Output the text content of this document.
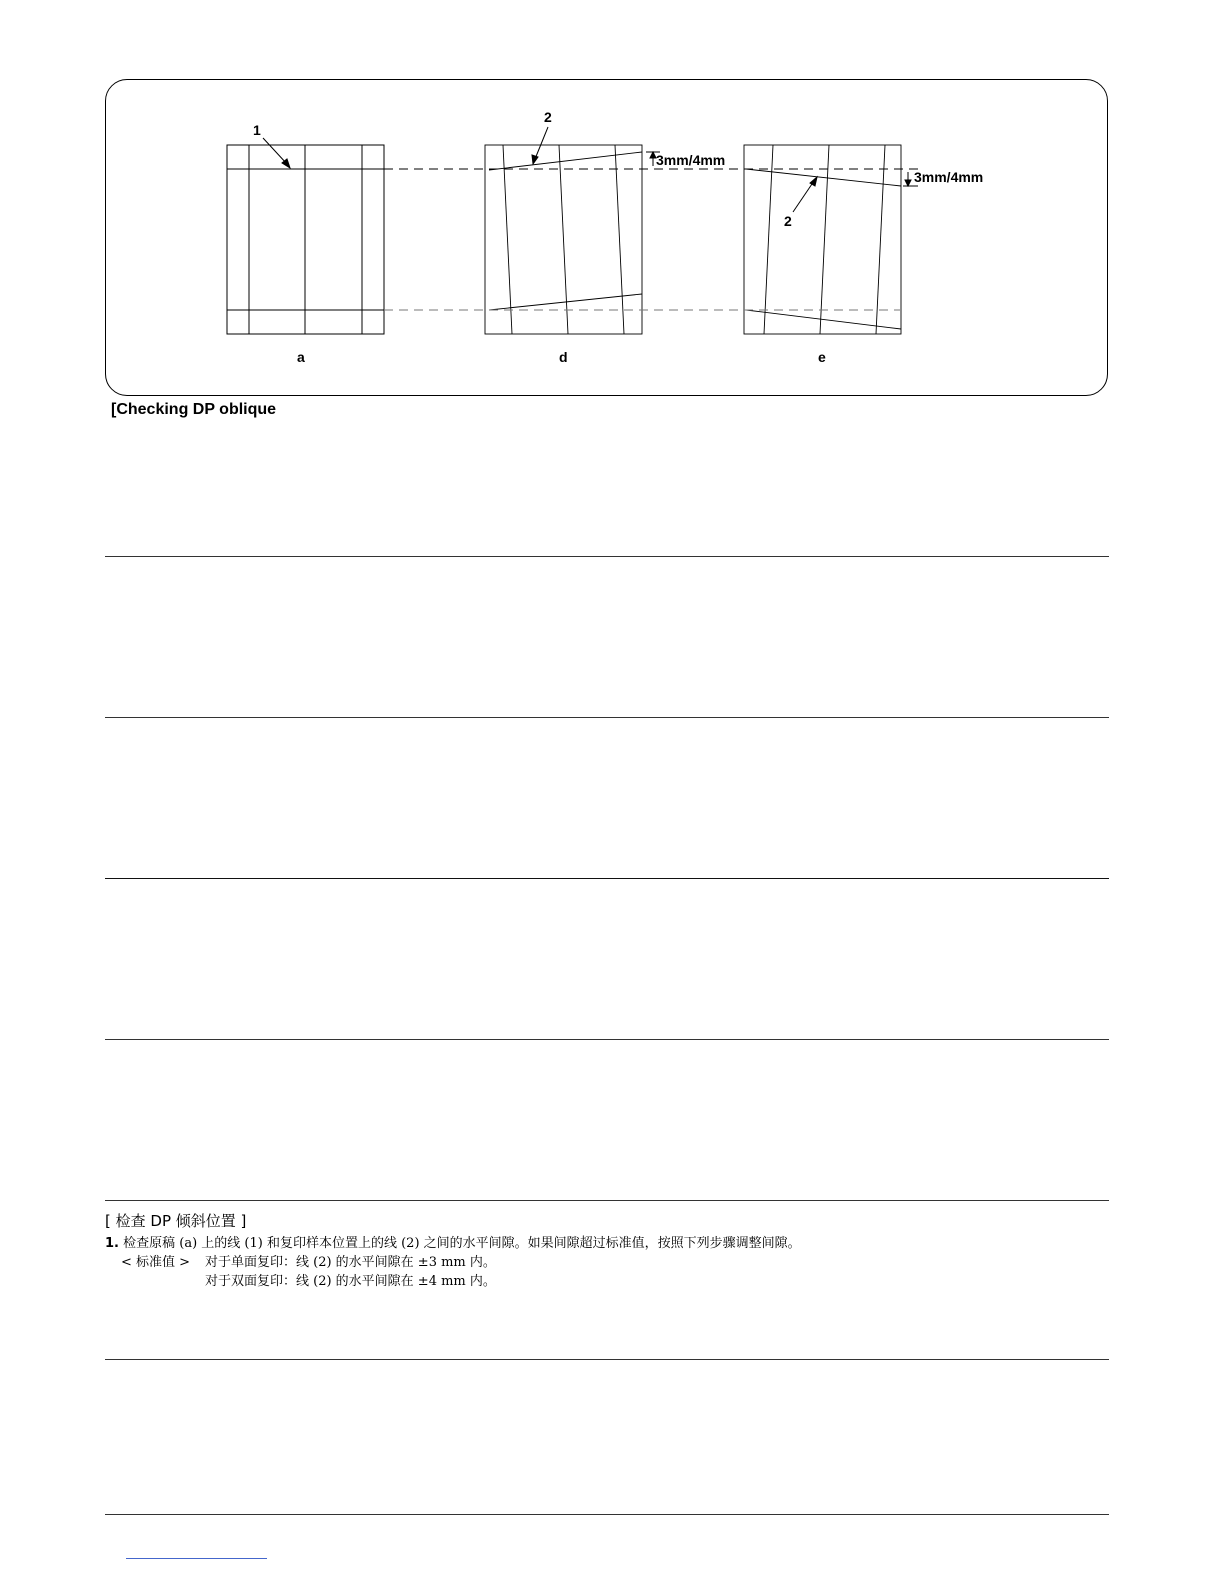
1
2
2
3mm/4mm
3mm/4mm
a	d	e
[Checking DP oblique
[ 检查 DP 倾斜位置 ]
1. 检查原稿 (a) 上的线 (1) 和复印样本位置上的线 (2) 之间的水平间隙。如果间隙超过标准值，按照下列步骤调整间隙。
< 标准值 > 对于单面复印：线 (2) 的水平间隙在 ±3 mm 内。
对于双面复印：线 (2) 的水平间隙在 ±4 mm 内。
